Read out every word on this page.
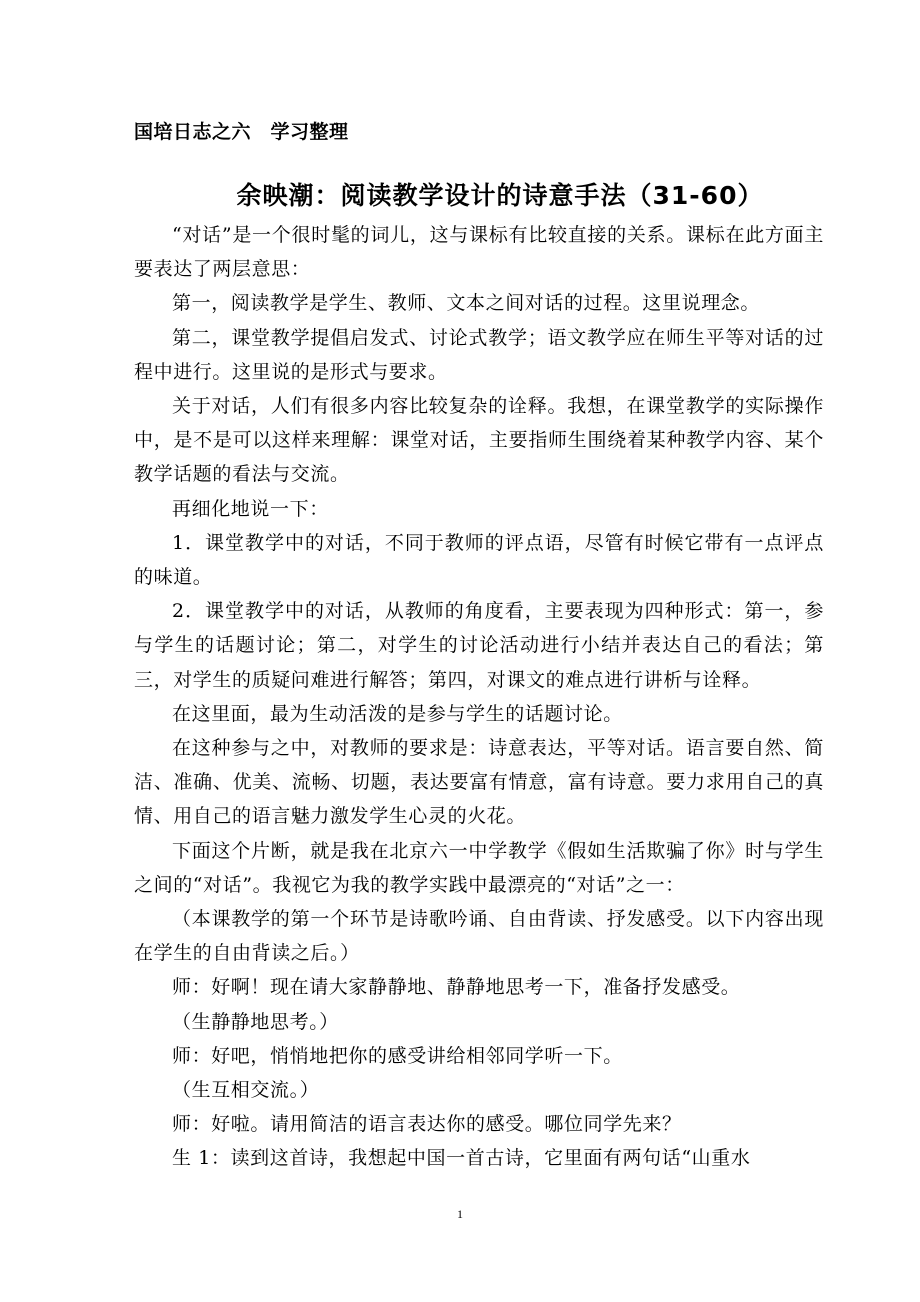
国培日志之六　学习整理
余映潮：阅读教学设计的诗意手法（31-60）

“对话”是一个很时髦的词儿，这与课标有比较直接的关系。课标在此方面主要表达了两层意思：

第一，阅读教学是学生、教师、文本之间对话的过程。这里说理念。

第二，课堂教学提倡启发式、讨论式教学；语文教学应在师生平等对话的过程中进行。这里说的是形式与要求。

关于对话，人们有很多内容比较复杂的诠释。我想，在课堂教学的实际操作中，是不是可以这样来理解：课堂对话，主要指师生围绕着某种教学内容、某个教学话题的看法与交流。

再细化地说一下：

1．课堂教学中的对话，不同于教师的评点语，尽管有时候它带有一点评点的味道。

2．课堂教学中的对话，从教师的角度看，主要表现为四种形式：第一，参与学生的话题讨论；第二，对学生的讨论活动进行小结并表达自己的看法；第三，对学生的质疑问难进行解答；第四，对课文的难点进行讲析与诠释。

在这里面，最为生动活泼的是参与学生的话题讨论。

在这种参与之中，对教师的要求是：诗意表达，平等对话。语言要自然、简洁、准确、优美、流畅、切题，表达要富有情意，富有诗意。要力求用自己的真情、用自己的语言魅力激发学生心灵的火花。

下面这个片断，就是我在北京六一中学教学《假如生活欺骗了你》时与学生之间的“对话”。我视它为我的教学实践中最漂亮的“对话”之一：

（本课教学的第一个环节是诗歌吟诵、自由背读、抒发感受。以下内容出现在学生的自由背读之后。）

师：好啊！现在请大家静静地、静静地思考一下，准备抒发感受。

（生静静地思考。）

师：好吧，悄悄地把你的感受讲给相邻同学听一下。

（生互相交流。）

师：好啦。请用简洁的语言表达你的感受。哪位同学先来？

生 1：读到这首诗，我想起中国一首古诗，它里面有两句话“山重水

1
